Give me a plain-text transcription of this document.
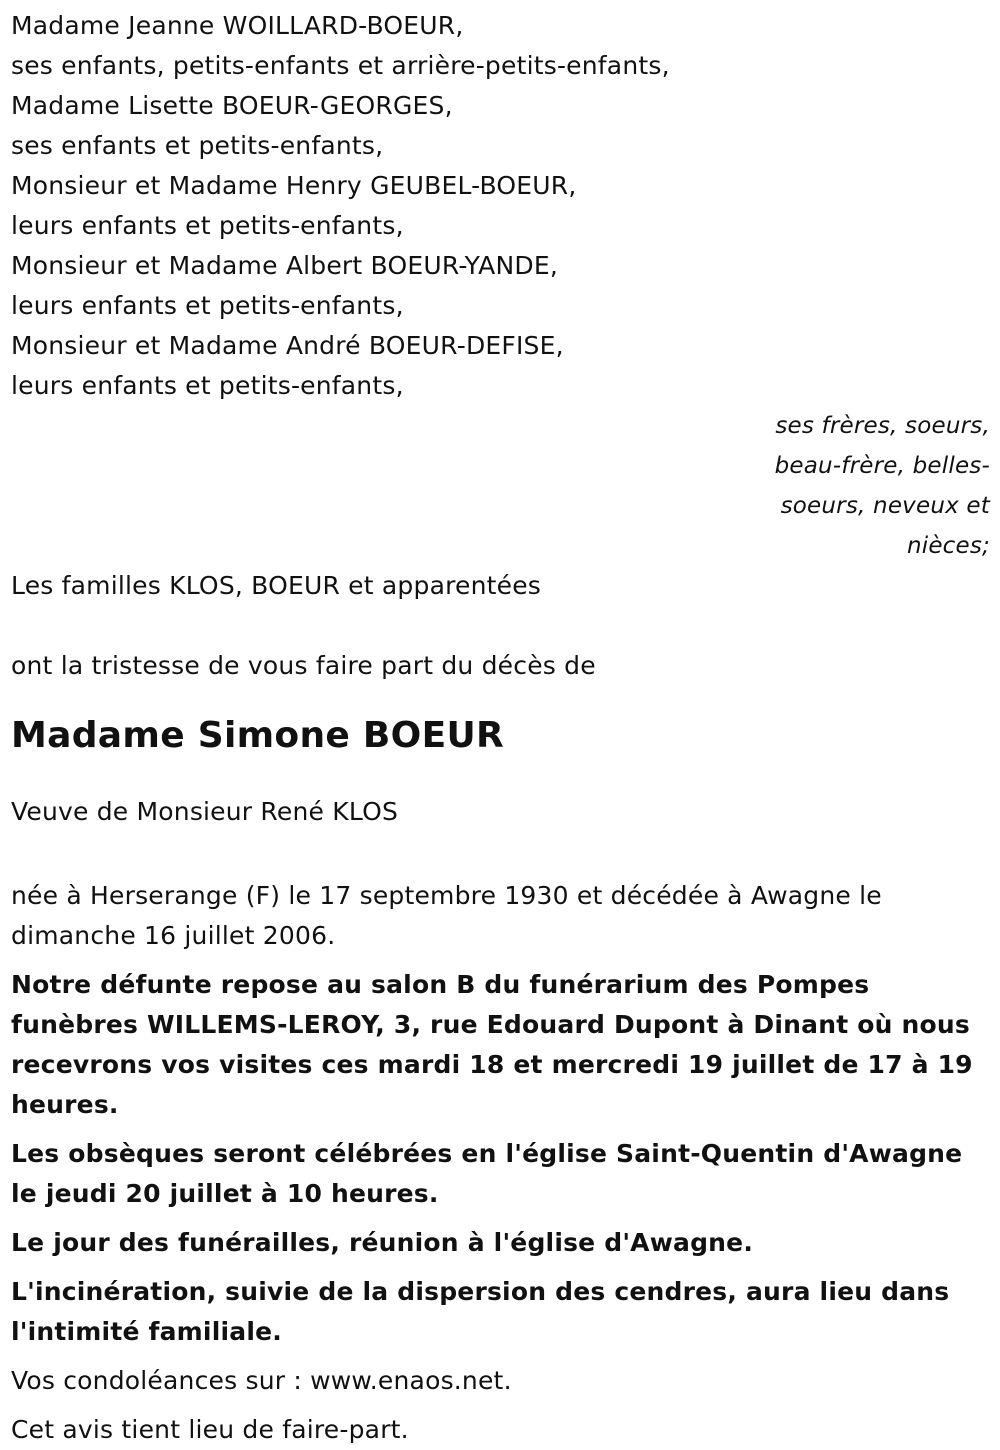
Madame Jeanne WOILLARD-BOEUR,
ses enfants, petits-enfants et arrière-petits-enfants,
Madame Lisette BOEUR-GEORGES,
ses enfants et petits-enfants,
Monsieur et Madame Henry GEUBEL-BOEUR,
leurs enfants et petits-enfants,
Monsieur et Madame Albert BOEUR-YANDE,
leurs enfants et petits-enfants,
Monsieur et Madame André BOEUR-DEFISE,
leurs enfants et petits-enfants,
ses frères, soeurs,
beau-frère, belles-
soeurs, neveux et
nièces;
Les familles KLOS, BOEUR et apparentées
ont la tristesse de vous faire part du décès de
Madame Simone BOEUR
Veuve de Monsieur René KLOS
née à Herserange (F) le 17 septembre 1930 et décédée à Awagne le dimanche 16 juillet 2006.
Notre défunte repose au salon B du funérarium des Pompes funèbres WILLEMS-LEROY, 3, rue Edouard Dupont à Dinant où nous recevrons vos visites ces mardi 18 et mercredi 19 juillet de 17 à 19 heures.
Les obsèques seront célébrées en l'église Saint-Quentin d'Awagne le jeudi 20 juillet à 10 heures.
Le jour des funérailles, réunion à l'église d'Awagne.
L'incinération, suivie de la dispersion des cendres, aura lieu dans l'intimité familiale.
Vos condoléances sur : www.enaos.net.
Cet avis tient lieu de faire-part.
